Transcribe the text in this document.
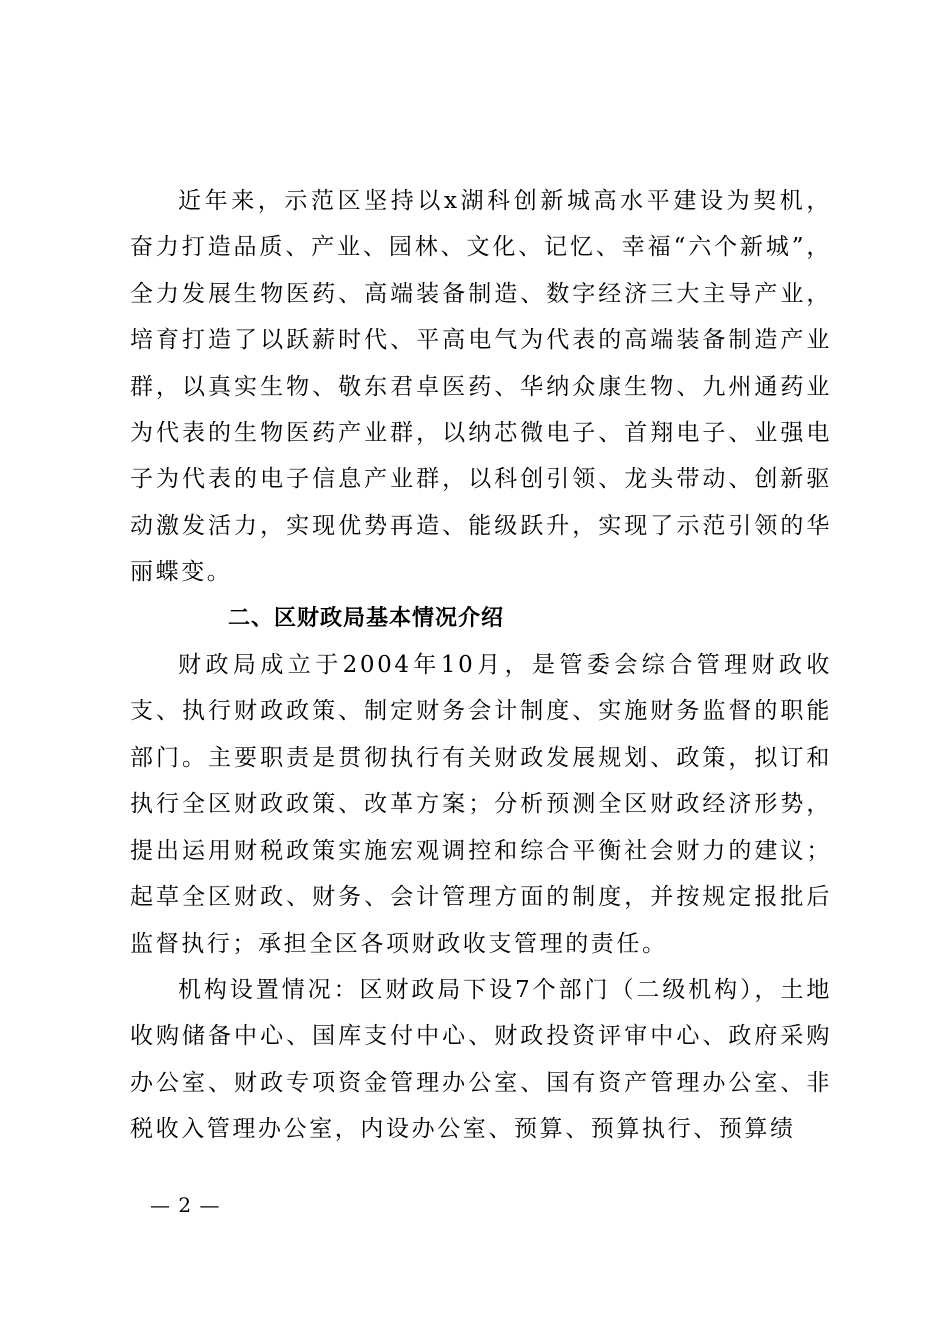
近年来，示范区坚持以x湖科创新城高水平建设为契机，奋力打造品质、产业、园林、文化、记忆、幸福“六个新城”，全力发展生物医药、高端装备制造、数字经济三大主导产业，培育打造了以跃薪时代、平高电气为代表的高端装备制造产业群，以真实生物、敬东君卓医药、华纳众康生物、九州通药业为代表的生物医药产业群，以纳芯微电子、首翔电子、业强电子为代表的电子信息产业群，以科创引领、龙头带动、创新驱动激发活力，实现优势再造、能级跃升，实现了示范引领的华丽蝶变。

二、区财政局基本情况介绍

财政局成立于2004年10月，是管委会综合管理财政收支、执行财政政策、制定财务会计制度、实施财务监督的职能部门。主要职责是贯彻执行有关财政发展规划、政策，拟订和执行全区财政政策、改革方案；分析预测全区财政经济形势，提出运用财税政策实施宏观调控和综合平衡社会财力的建议；起草全区财政、财务、会计管理方面的制度，并按规定报批后监督执行；承担全区各项财政收支管理的责任。

机构设置情况：区财政局下设7个部门（二级机构），土地收购储备中心、国库支付中心、财政投资评审中心、政府采购办公室、财政专项资金管理办公室、国有资产管理办公室、非税收入管理办公室，内设办公室、预算、预算执行、预算绩

— 2 —
